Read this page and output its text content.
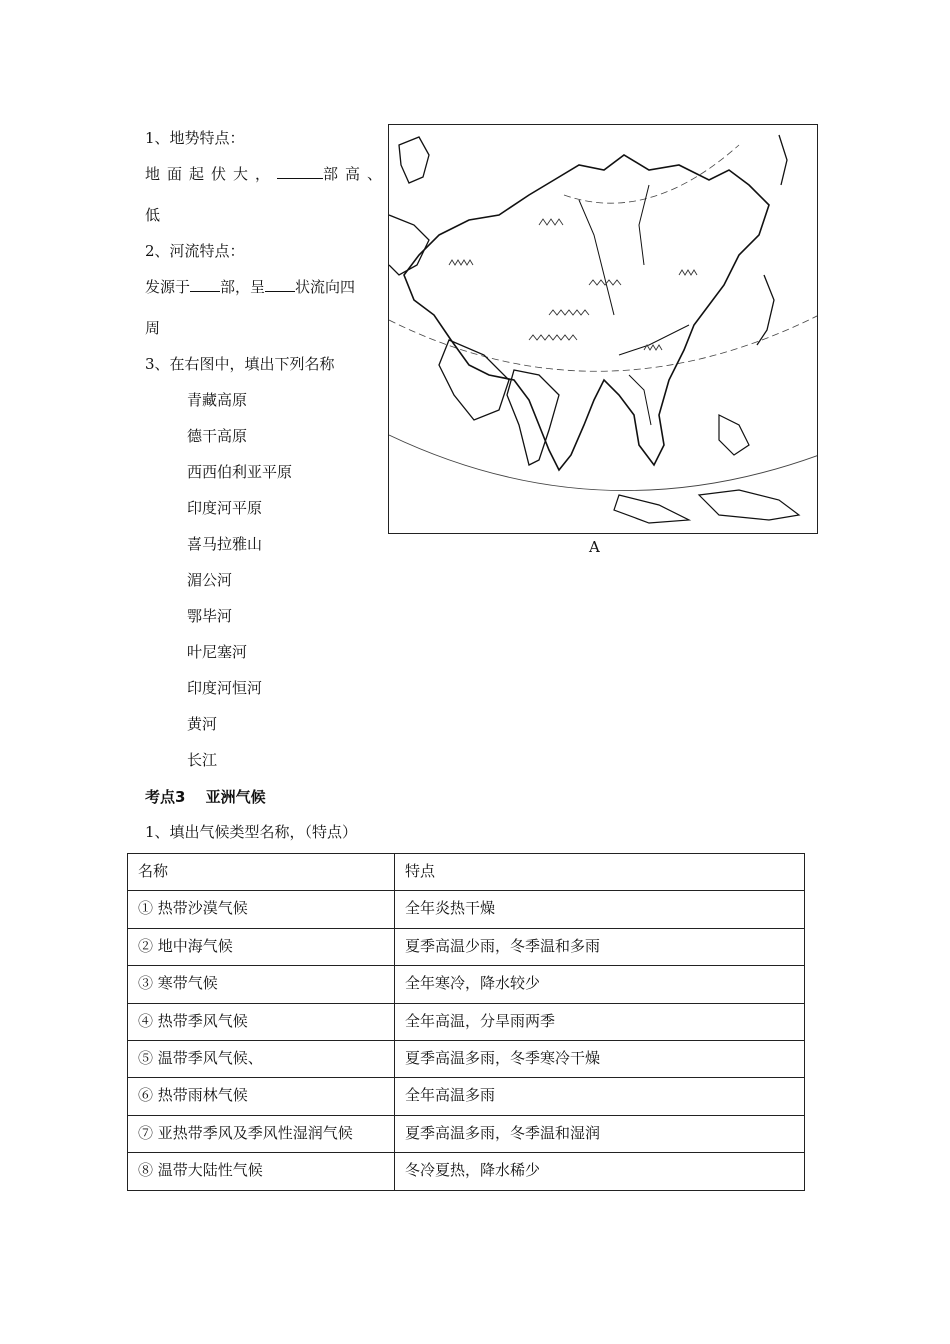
1、地势特点：
地面起伏大，	部高、
低
2、河流特点：
发源于 部，呈 状流向四
周
3、在右图中，填出下列名称
青藏高原
德干高原
西西伯利亚平原
印度河平原
喜马拉雅山
湄公河
鄂毕河
叶尼塞河
印度河恒河
黄河
长江
A
考点3　 亚洲气候
1、填出气候类型名称，（特点）
名称	特点
① 热带沙漠气候	全年炎热干燥
② 地中海气候	夏季高温少雨，冬季温和多雨
③ 寒带气候	全年寒冷，降水较少
④ 热带季风气候	全年高温，分旱雨两季
⑤ 温带季风气候、	夏季高温多雨，冬季寒冷干燥
⑥ 热带雨林气候	全年高温多雨
⑦ 亚热带季风及季风性湿润气候	夏季高温多雨，冬季温和湿润
⑧ 温带大陆性气候	冬冷夏热，降水稀少
